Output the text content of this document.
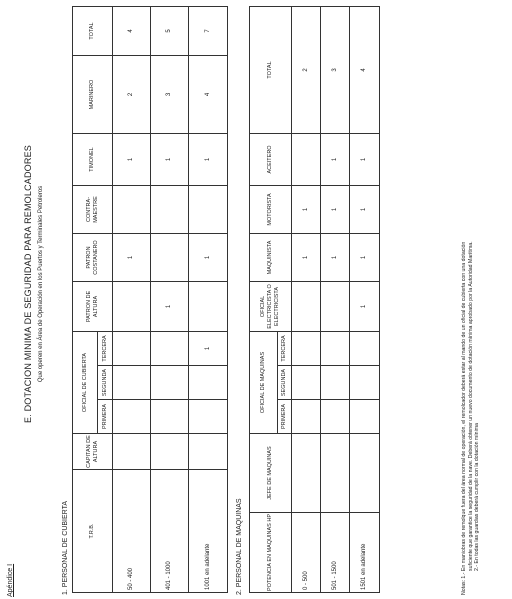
Apéndice I
E. DOTACION MINIMA DE SEGURIDAD PARA REMOLCADORES Que operen en Área de Operación en los Puertos y Terminales Petroleros
1. PERSONAL DE CUBIERTA	T.R.B.	CAPITAN DE ALTURA	OFICIAL DE CUBIERTA			PATRON DE ALTURA	PATRON COSTANERO	CONTRA-MAESTRE	TIMONEL	MARINERO	TOTAL
		PRIMERA	SEGUNDA	TERCERA						
50 - 400						1		1	2	4
401 - 1000					1			1	3	5
1001 en adelante				1		1		1	4	7
2. PERSONAL DE MAQUINAS	POTENCIA EN MAQUINAS HP	JEFE DE MAQUINAS	OFICIAL DE MAQUINAS			OFICIAL ELECTRICISTA O ELECTRICISTA	MAQUINISTA	MOTORISTA	ACEITERO	TOTAL
		PRIMERA	SEGUNDA	TERCERA					
0 - 500						1	1		2
501 - 1500						1	1	1	3
1501 en adelante					1	1	1	1	4
Notas: 1.- En maniobras de remolque fuera del área normal de operación, el remolcador deberá estar al mando de un oficial de cubierta con una dotación suficiente que garantice la seguridad de la nave. Deberá obtener un nuevo documento de dotación mínima aprobado por la Autoridad Marítima. 2.- En todas las guardias deberá cumplir con la dotación mínima
